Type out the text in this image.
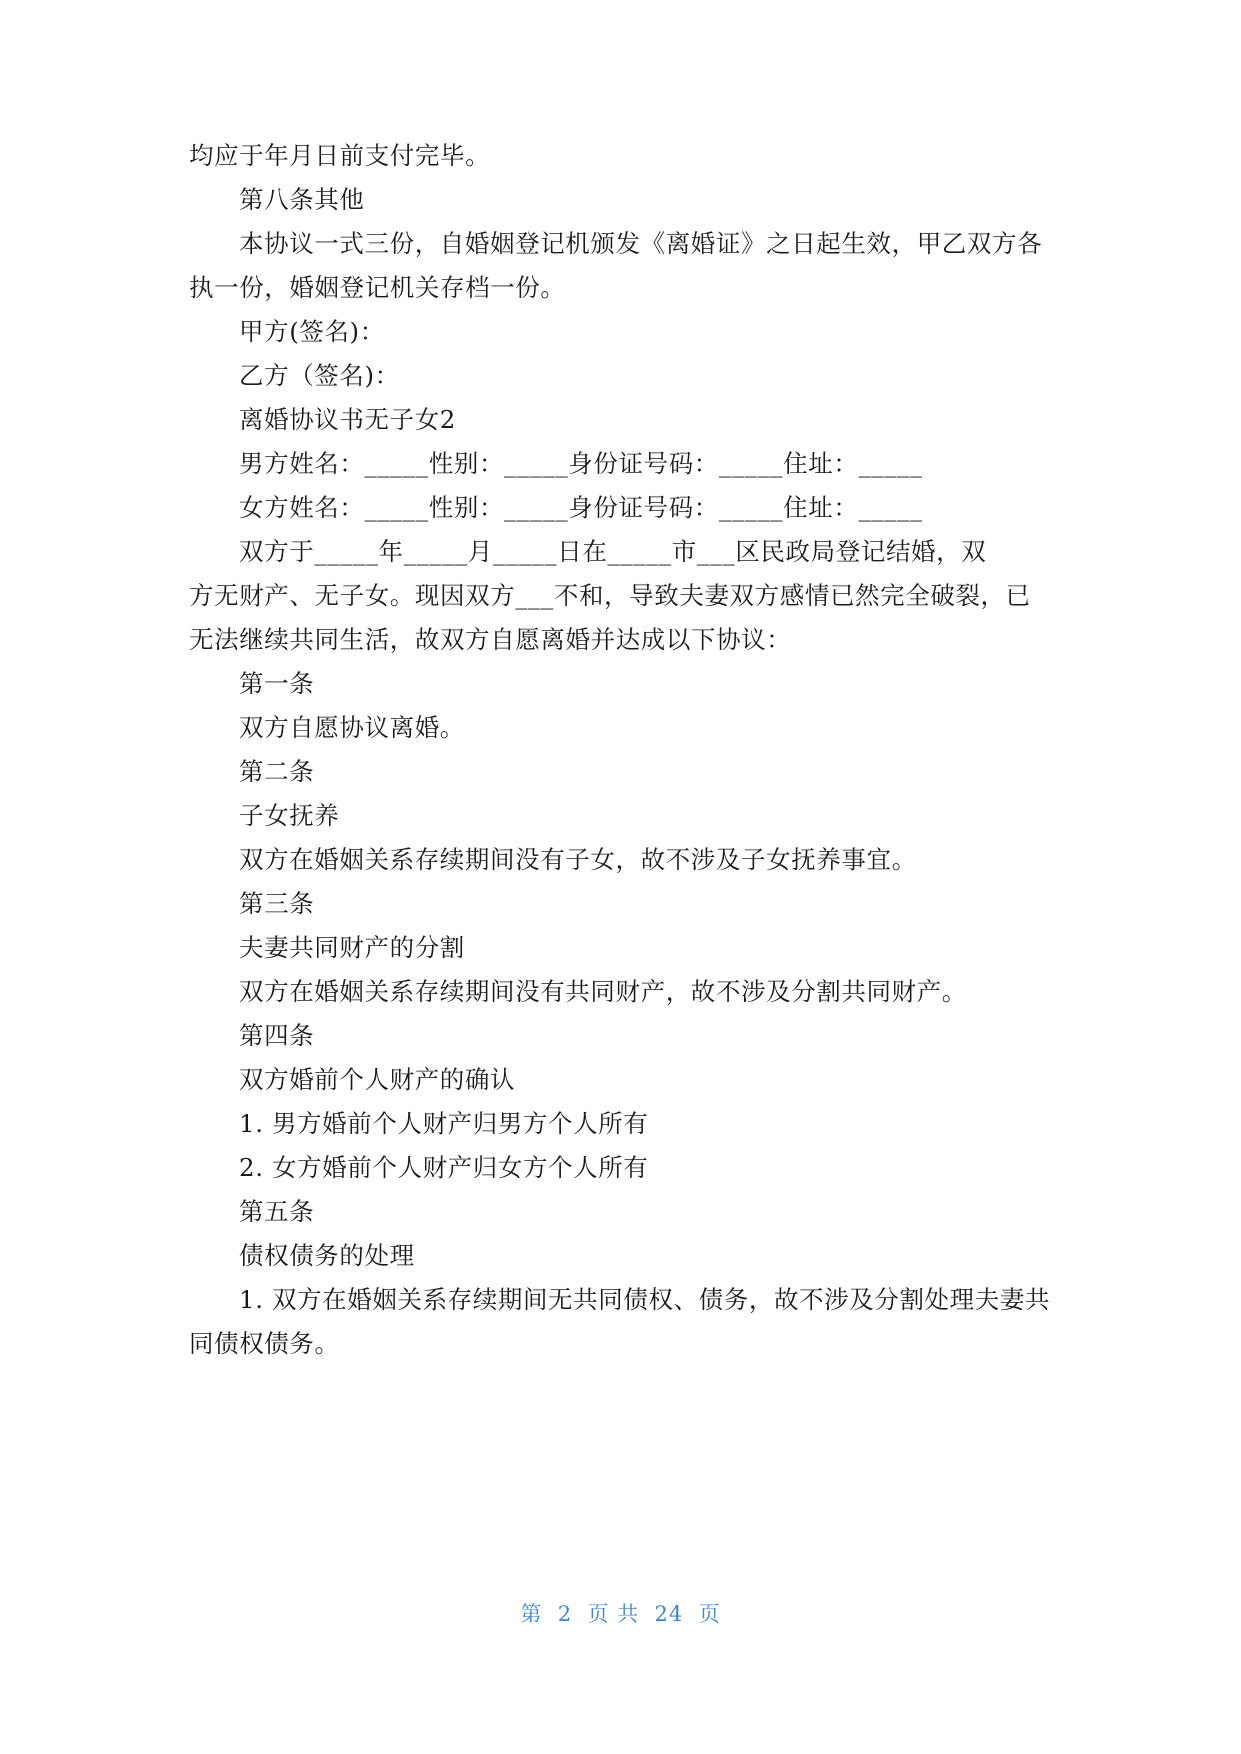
均应于年月日前支付完毕。
第八条其他
本协议一式三份，自婚姻登记机颁发《离婚证》之日起生效，甲乙双方各
执一份，婚姻登记机关存档一份。
甲方(签名)：
乙方（签名)：
离婚协议书无子女2
男方姓名：_____性别：_____身份证号码：_____住址：_____
女方姓名：_____性别：_____身份证号码：_____住址：_____
双方于_____年_____月_____日在_____市___区民政局登记结婚，双
方无财产、无子女。现因双方___不和，导致夫妻双方感情已然完全破裂，已
无法继续共同生活，故双方自愿离婚并达成以下协议：
第一条
双方自愿协议离婚。
第二条
子女抚养
双方在婚姻关系存续期间没有子女，故不涉及子女抚养事宜。
第三条
夫妻共同财产的分割
双方在婚姻关系存续期间没有共同财产，故不涉及分割共同财产。
第四条
双方婚前个人财产的确认
1. 男方婚前个人财产归男方个人所有
2. 女方婚前个人财产归女方个人所有
第五条
债权债务的处理
1. 双方在婚姻关系存续期间无共同债权、债务，故不涉及分割处理夫妻共
同债权债务。
第  2  页 共  24  页
